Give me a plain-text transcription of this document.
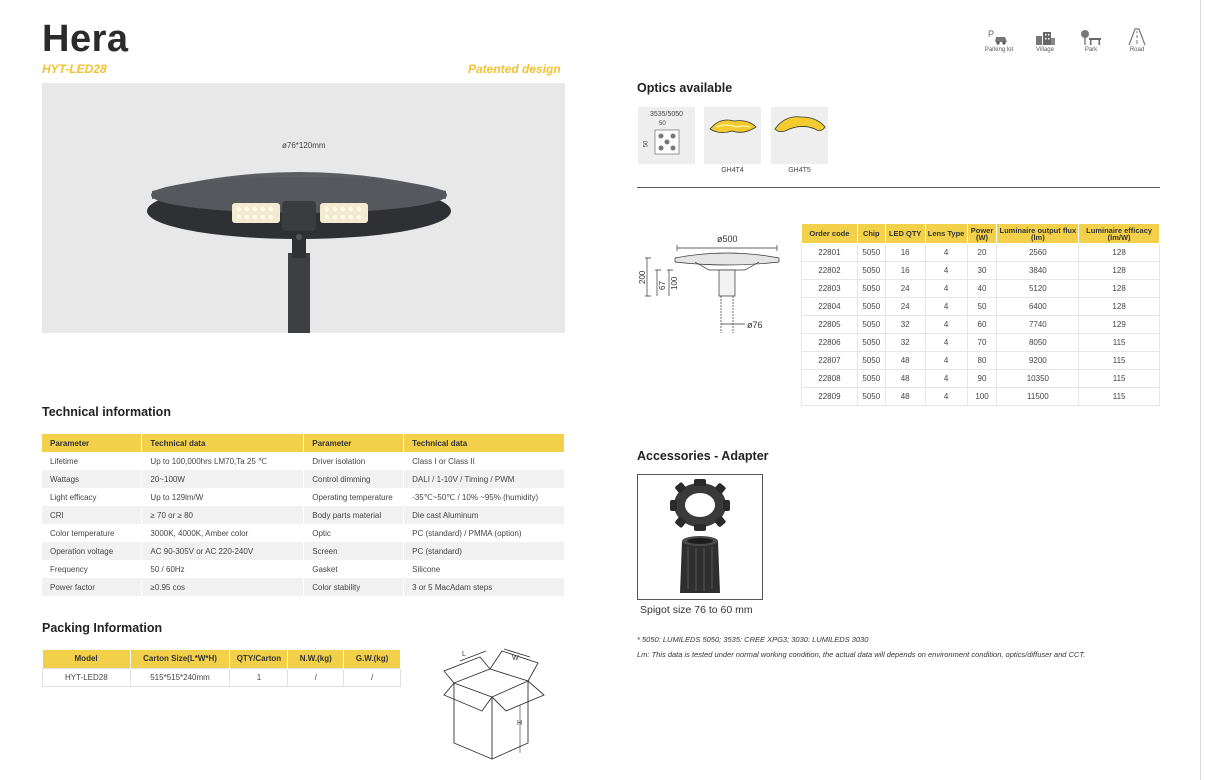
Hera
HYT-LED28	Patented design
P
Parking lot	Village	Park	Road
ø76*120mm
Technical information
Parameter	Technical data	Parameter	Technical data
Lifetime	Up to 100,000hrs LM70,Ta 25 ℃	Driver isolation	Class I or Class II
Wattags	20~100W	Control dimming	DALI / 1-10V / Timing / PWM
Light efficacy	Up to 129lm/W	Operating temperature	-35℃~50℃ / 10% ~95% (humidity)
CRI	≥ 70 or ≥ 80	Body parts material	Die cast Aluminum
Color temperature	3000K, 4000K, Amber color	Optic	PC (standard) / PMMA (option)
Operation voltage	AC 90-305V or AC 220-240V	Screen	PC (standard)
Frequency	50 / 60Hz	Gasket	Silicone
Power factor	≥0.95 cos	Color stability	3 or 5 MacAdam steps
Packing Information
Model	Carton Size(L*W*H)	QTY/Carton	N.W.(kg)	G.W.(kg)
HYT-LED28	515*515*240mm	1	/	/
L
W
H
Optics available
3535/5050
50
50
GH4T4	GH4T5
ø500
ø76
200
67 100
Order code	Chip	LED QTY	Lens Type	Power (W)	Luminaire output flux (lm)	Luminaire efficacy (lm/W)
22801	5050	16	4	20	2560	128
22802	5050	16	4	30	3840	128
22803	5050	24	4	40	5120	128
22804	5050	24	4	50	6400	128
22805	5050	32	4	60	7740	129
22806	5050	32	4	70	8050	115
22807	5050	48	4	80	9200	115
22808	5050	48	4	90	10350	115
22809	5050	48	4	100	11500	115
Accessories - Adapter
Spigot size 76 to 60 mm
* 5050: LUMILEDS 5050; 3535: CREE XPG3; 3030: LUMILEDS 3030
Lm: This data is tested under normal working condition, the actual data will depends on environment condition, optics/diffuser and CCT.
